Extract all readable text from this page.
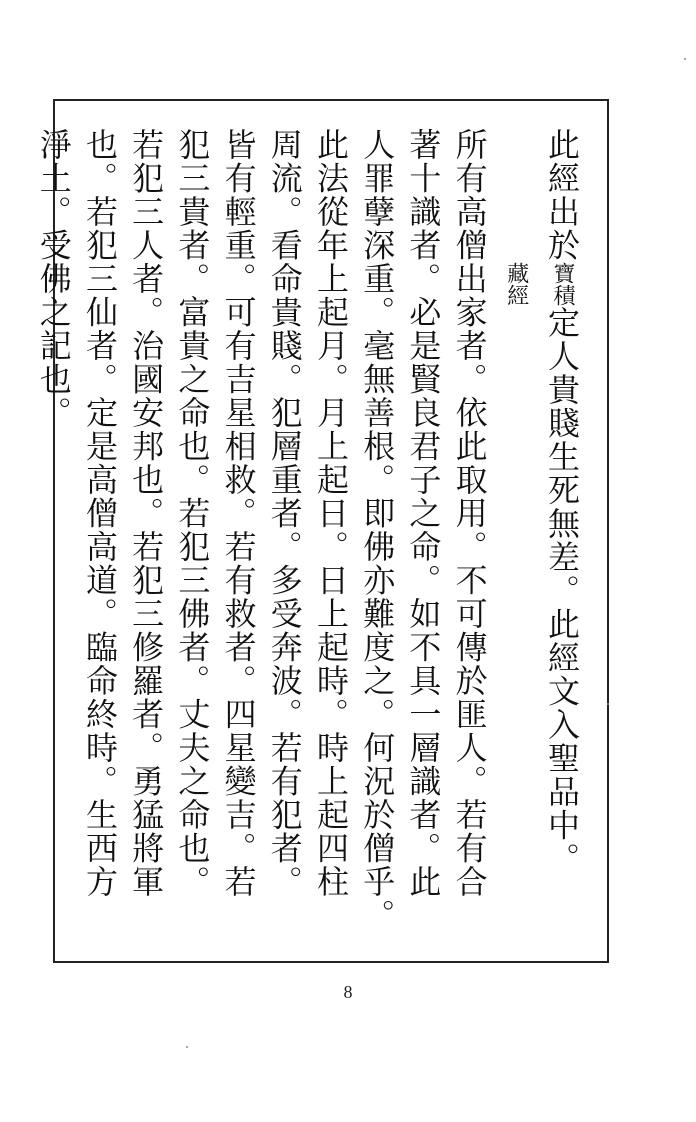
此經出於寶積
藏經定人貴賤生死無差。此經文入聖品中。
所有高僧出家者。依此取用。不可傳於匪人。若有合
著十識者。必是賢良君子之命。如不具一層識者。此
人罪孽深重。毫無善根。即佛亦難度之。何況於僧乎。
此法從年上起月。月上起日。日上起時。時上起四柱
周流。看命貴賤。犯層重者。多受奔波。若有犯者。
皆有輕重。可有吉星相救。若有救者。四星變吉。若
犯三貴者。富貴之命也。若犯三佛者。丈夫之命也。
若犯三人者。治國安邦也。若犯三修羅者。勇猛將軍
也。若犯三仙者。定是高僧高道。臨命終時。生西方
淨土。受佛之記也。
8
